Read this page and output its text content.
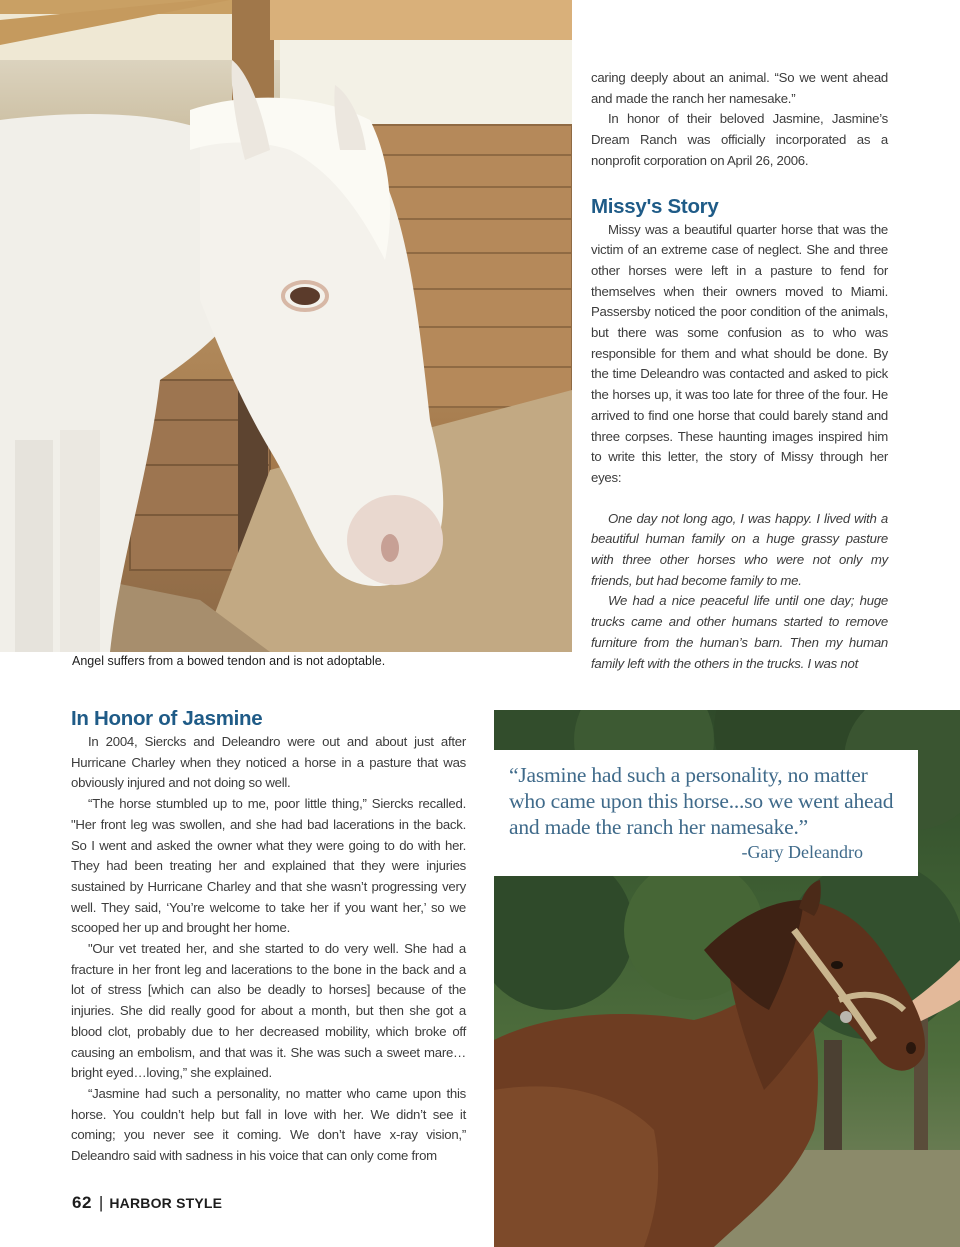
Angel suffers from a bowed tendon and is not adoptable.

caring deeply about an animal. “So we went ahead and made the ranch her namesake.”

In honor of their beloved Jasmine, Jasmine’s Dream Ranch was officially incorporated as a nonprofit corporation on April 26, 2006.

Missy's Story

Missy was a beautiful quarter horse that was the victim of an extreme case of neglect. She and three other horses were left in a pasture to fend for themselves when their owners moved to Miami. Passersby noticed the poor condition of the animals, but there was some confusion as to who was responsible for them and what should be done. By the time Deleandro was contacted and asked to pick the horses up, it was too late for three of the four. He arrived to find one horse that could barely stand and three corpses. These haunting images inspired him to write this letter, the story of Missy through her eyes:

One day not long ago, I was happy. I lived with a beautiful human family on a huge grassy pasture with three other horses who were not only my friends, but had become family to me.

We had a nice peaceful life until one day; huge trucks came and other humans started to remove furniture from the human’s barn. Then my human family left with the others in the trucks. I was not

In Honor of Jasmine

In 2004, Siercks and Deleandro were out and about just after Hurricane Charley when they noticed a horse in a pasture that was obviously injured and not doing so well.

“The horse stumbled up to me, poor little thing,” Siercks recalled. "Her front leg was swollen, and she had bad lacerations in the back. So I went and asked the owner what they were going to do with her. They had been treating her and explained that they were injuries sustained by Hurricane Charley and that she wasn’t progressing very well. They said, ‘You’re welcome to take her if you want her,’ so we scooped her up and brought her home.

"Our vet treated her, and she started to do very well. She had a fracture in her front leg and lacerations to the bone in the back and a lot of stress [which can also be deadly to horses] because of the injuries. She did really good for about a month, but then she got a blood clot, probably due to her decreased mobility, which broke off causing an embolism, and that was it. She was such a sweet mare… bright eyed…loving,” she explained.

“Jasmine had such a personality, no matter who came upon this horse. You couldn’t help but fall in love with her. We didn’t see it coming; you never see it coming. We don’t have x-ray vision,” Deleandro said with sadness in his voice that can only come from

“Jasmine had such a personality, no matter who came upon this horse...so we went ahead and made the ranch her namesake.”

-Gary Deleandro

62 | HARBOR STYLE
